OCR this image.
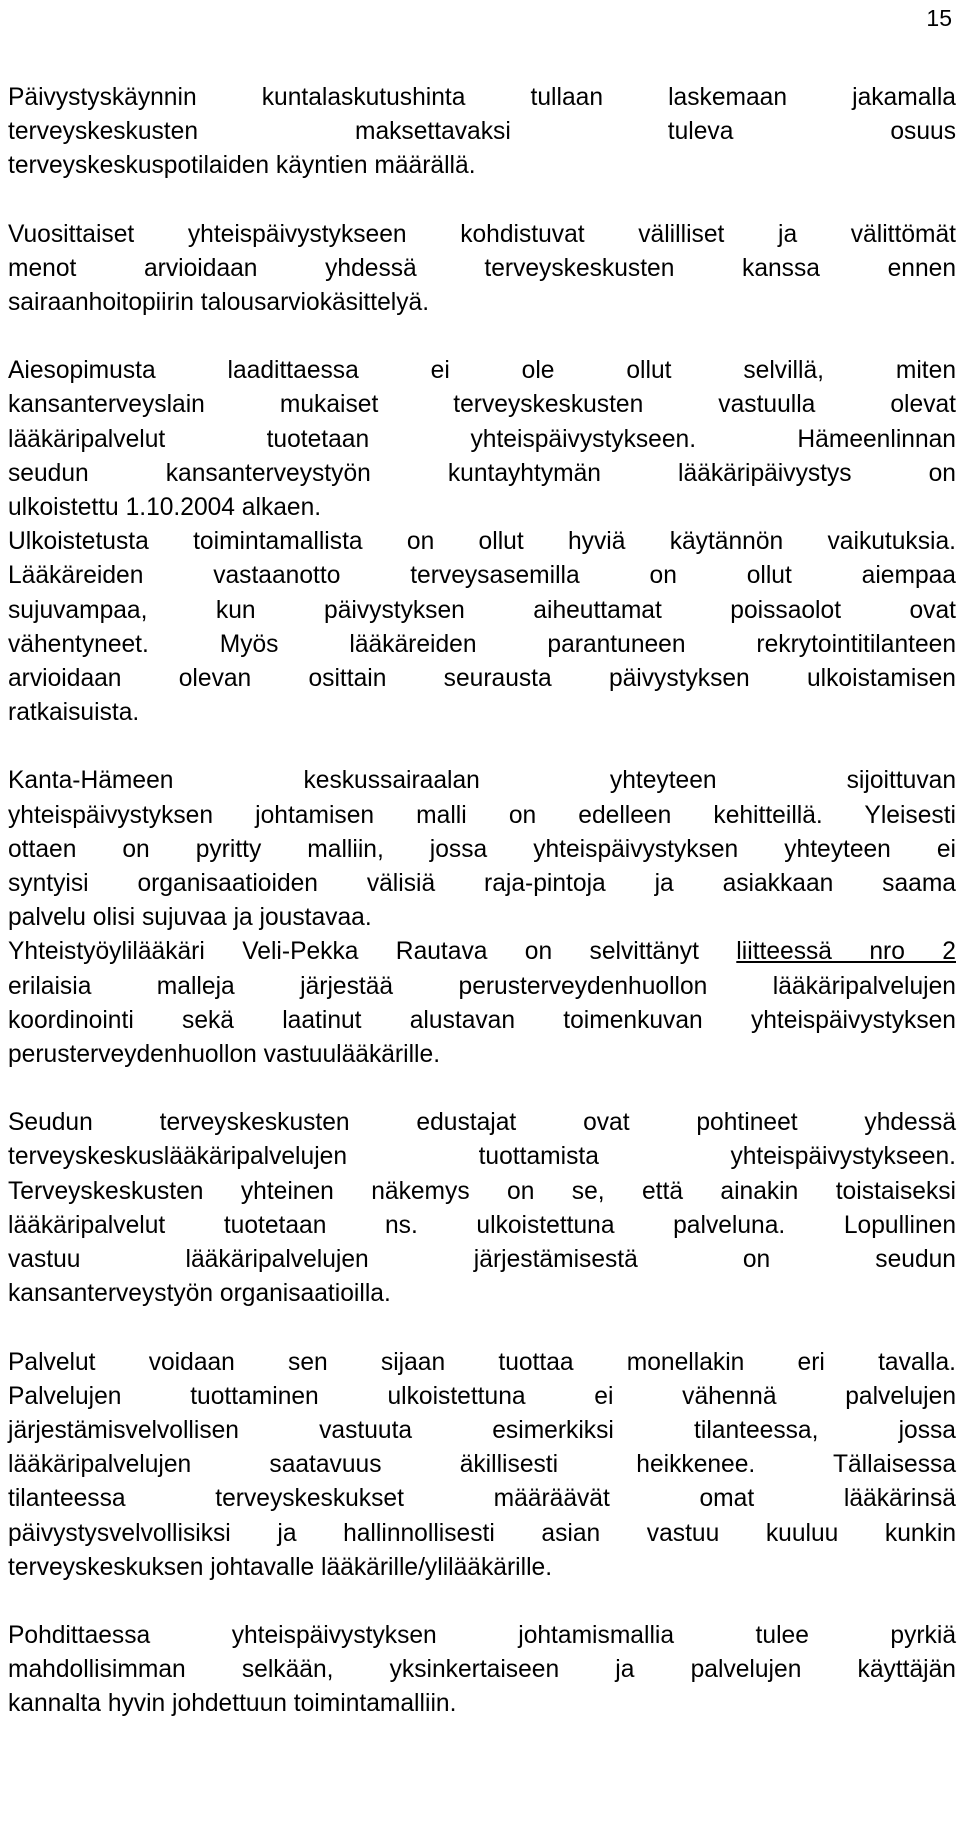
15
Päivystyskäynnin kuntalaskutushinta tullaan laskemaan jakamalla
terveyskeskusten maksettavaksi tuleva osuus
terveyskeskuspotilaiden käyntien määrällä.
Vuosittaiset yhteispäivystykseen kohdistuvat välilliset ja välittömät
menot arvioidaan yhdessä terveyskeskusten kanssa ennen
sairaanhoitopiirin talousarviokäsittelyä.
Aiesopimusta laadittaessa ei ole ollut selvillä, miten
kansanterveyslain mukaiset terveyskeskusten vastuulla olevat
lääkäripalvelut tuotetaan yhteispäivystykseen. Hämeenlinnan
seudun kansanterveystyön kuntayhtymän lääkäripäivystys on
ulkoistettu 1.10.2004 alkaen.
Ulkoistetusta toimintamallista on ollut hyviä käytännön vaikutuksia.
Lääkäreiden vastaanotto terveysasemilla on ollut aiempaa
sujuvampaa, kun päivystyksen aiheuttamat poissaolot ovat
vähentyneet. Myös lääkäreiden parantuneen rekrytointitilanteen
arvioidaan olevan osittain seurausta päivystyksen ulkoistamisen
ratkaisuista.
Kanta-Hämeen keskussairaalan yhteyteen sijoittuvan
yhteispäivystyksen johtamisen malli on edelleen kehitteillä. Yleisesti
ottaen on pyritty malliin, jossa yhteispäivystyksen yhteyteen ei
syntyisi organisaatioiden välisiä raja-pintoja ja asiakkaan saama
palvelu olisi sujuvaa ja joustavaa.
Yhteistyöylilääkäri Veli-Pekka Rautava on selvittänyt liitteessä nro 2
erilaisia malleja järjestää perusterveydenhuollon lääkäripalvelujen
koordinointi sekä laatinut alustavan toimenkuvan yhteispäivystyksen
perusterveydenhuollon vastuulääkärille.
Seudun terveyskeskusten edustajat ovat pohtineet yhdessä
terveyskeskuslääkäripalvelujen tuottamista yhteispäivystykseen.
Terveyskeskusten yhteinen näkemys on se, että ainakin toistaiseksi
lääkäripalvelut tuotetaan ns. ulkoistettuna palveluna. Lopullinen
vastuu lääkäripalvelujen järjestämisestä on seudun
kansanterveystyön organisaatioilla.
Palvelut voidaan sen sijaan tuottaa monellakin eri tavalla.
Palvelujen tuottaminen ulkoistettuna ei vähennä palvelujen
järjestämisvelvollisen vastuuta esimerkiksi tilanteessa, jossa
lääkäripalvelujen saatavuus äkillisesti heikkenee. Tällaisessa
tilanteessa terveyskeskukset määräävät omat lääkärinsä
päivystysvelvollisiksi ja hallinnollisesti asian vastuu kuuluu kunkin
terveyskeskuksen johtavalle lääkärille/ylilääkärille.
Pohdittaessa yhteispäivystyksen johtamismallia tulee pyrkiä
mahdollisimman selkään, yksinkertaiseen ja palvelujen käyttäjän
kannalta hyvin johdettuun toimintamalliin.
